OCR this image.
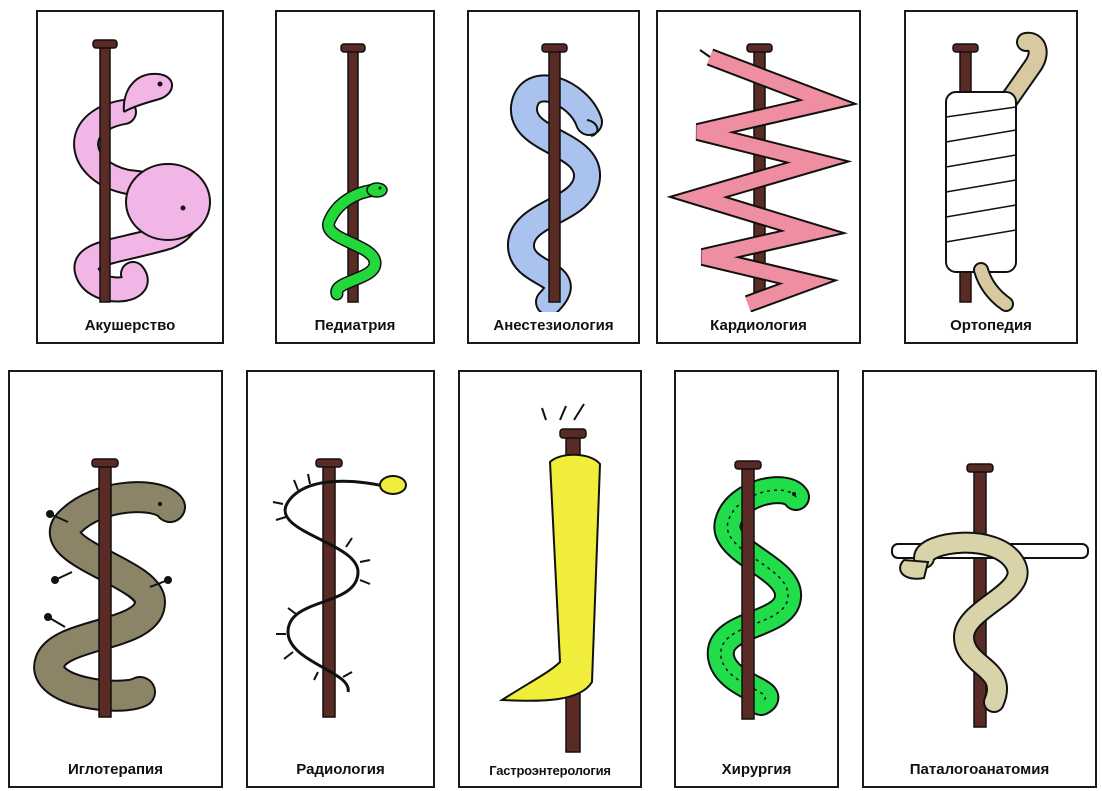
Акушерство	Педиатрия	Анестезиология	Кардиология	Ортопедия
Иглотерапия	Радиология	Гастроэнтерология	Хирургия	Паталогоанатомия
